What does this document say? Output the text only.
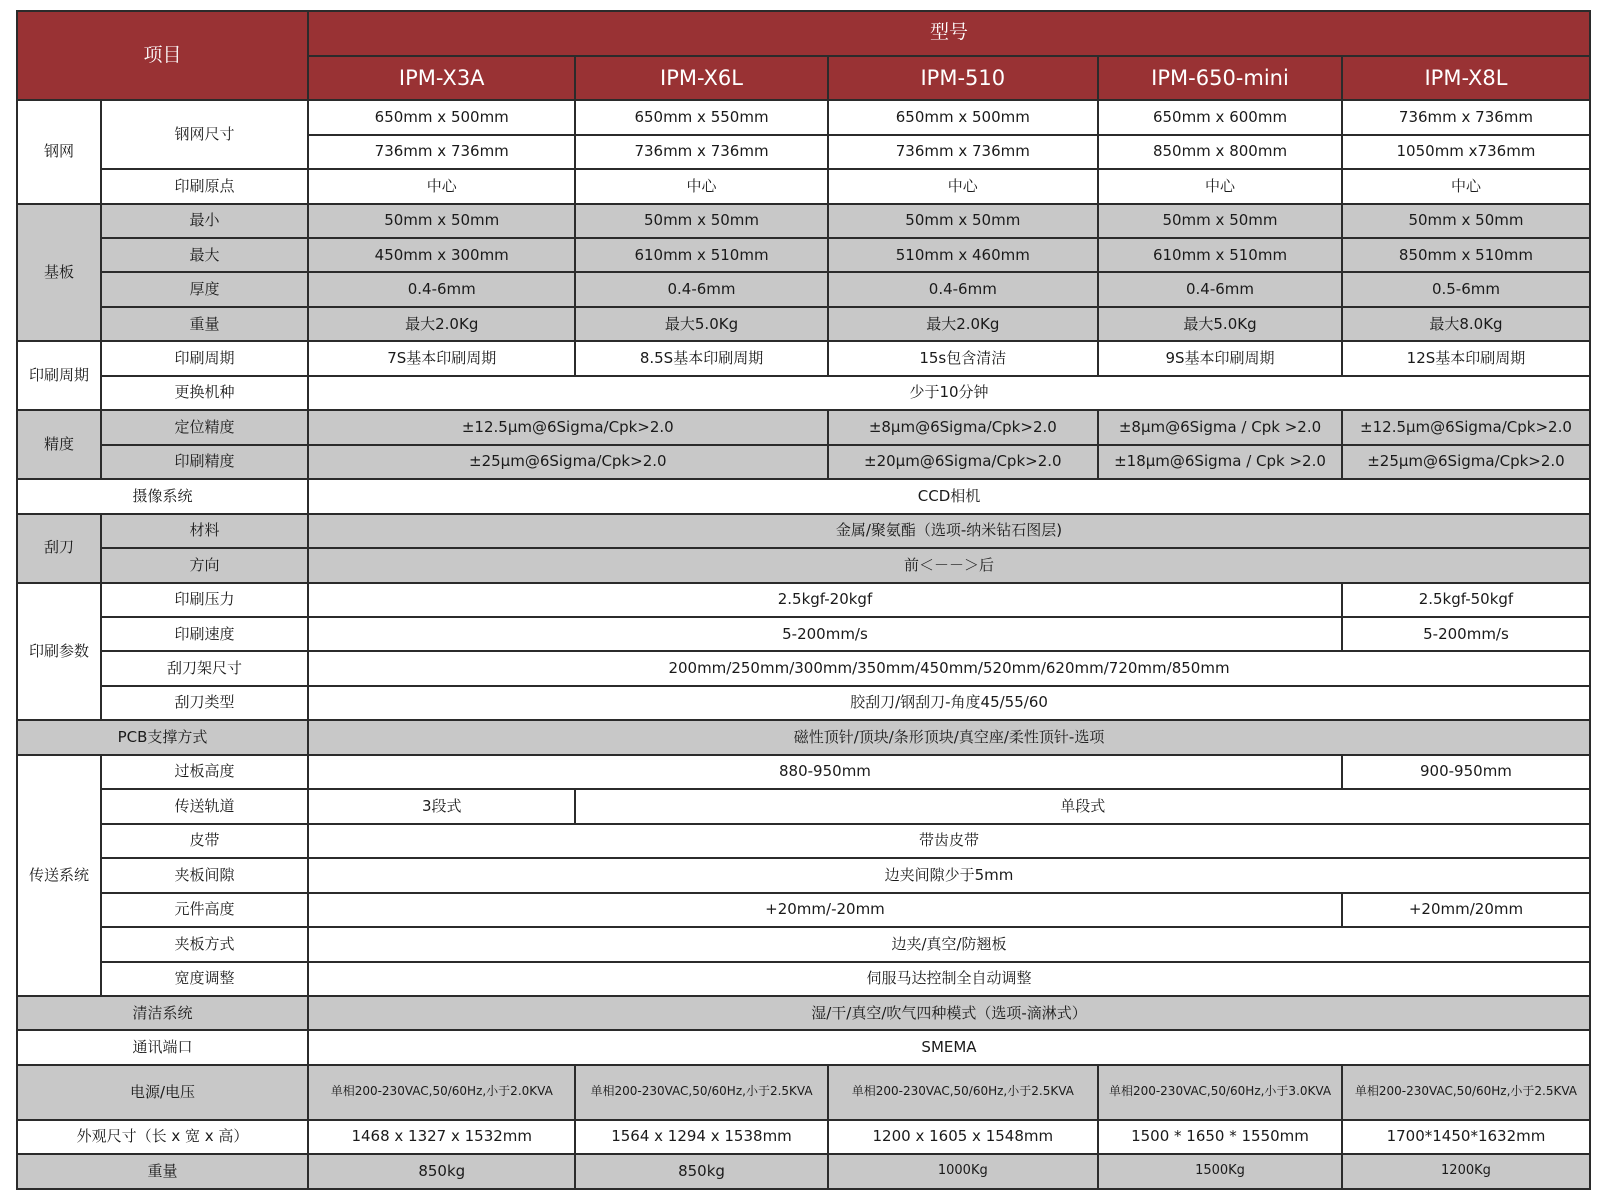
项目		型号				
		IPM-X3A	IPM-X6L	IPM-510	IPM-650-mini	IPM-X8L
钢网	钢网尺寸	650mm x 500mm	650mm x 550mm	650mm x 500mm	650mm x 600mm	736mm x 736mm
		736mm x 736mm	736mm x 736mm	736mm x 736mm	850mm x 800mm	1050mm x736mm
	印刷原点	中心	中心	中心	中心	中心
基板	最小	50mm x 50mm	50mm x 50mm	50mm x 50mm	50mm x 50mm	50mm x 50mm
	最大	450mm x 300mm	610mm x 510mm	510mm x 460mm	610mm x 510mm	850mm x 510mm
	厚度	0.4-6mm	0.4-6mm	0.4-6mm	0.4-6mm	0.5-6mm
	重量	最大2.0Kg	最大5.0Kg	最大2.0Kg	最大5.0Kg	最大8.0Kg
印刷周期	印刷周期	7S基本印刷周期	8.5S基本印刷周期	15s包含清洁	9S基本印刷周期	12S基本印刷周期
	更换机种	少于10分钟				
精度	定位精度	±12.5μm@6Sigma/Cpk>2.0		±8μm@6Sigma/Cpk>2.0	±8μm@6Sigma / Cpk >2.0	±12.5μm@6Sigma/Cpk>2.0
	印刷精度	±25μm@6Sigma/Cpk>2.0		±20μm@6Sigma/Cpk>2.0	±18μm@6Sigma / Cpk >2.0	±25μm@6Sigma/Cpk>2.0
摄像系统		CCD相机				
刮刀	材料	金属/聚氨酯（选项-纳米钻石图层)				
	方向	前＜－－＞后				
印刷参数	印刷压力	2.5kgf-20kgf				2.5kgf-50kgf
	印刷速度	5-200mm/s				5-200mm/s
	刮刀架尺寸	200mm/250mm/300mm/350mm/450mm/520mm/620mm/720mm/850mm				
	刮刀类型	胶刮刀/钢刮刀-角度45/55/60				
PCB支撑方式		磁性顶针/顶块/条形顶块/真空座/柔性顶针-选项				
传送系统	过板高度	880-950mm				900-950mm
	传送轨道	3段式	单段式			
	皮带	带齿皮带				
	夹板间隙	边夹间隙少于5mm				
	元件高度	+20mm/-20mm				+20mm/20mm
	夹板方式	边夹/真空/防翘板				
	宽度调整	伺服马达控制全自动调整				
清洁系统		湿/干/真空/吹气四种模式（选项-滴淋式）				
通讯端口		SMEMA				
电源/电压		单相200-230VAC,50/60Hz,小于2.0KVA	单相200-230VAC,50/60Hz,小于2.5KVA	单相200-230VAC,50/60Hz,小于2.5KVA	单相200-230VAC,50/60Hz,小于3.0KVA	单相200-230VAC,50/60Hz,小于2.5KVA
外观尺寸（长 x 宽 x 高）		1468 x 1327 x 1532mm	1564 x 1294 x 1538mm	1200 x 1605 x 1548mm	1500 * 1650 * 1550mm	1700*1450*1632mm
重量		850kg	850kg	1000Kg	1500Kg	1200Kg
